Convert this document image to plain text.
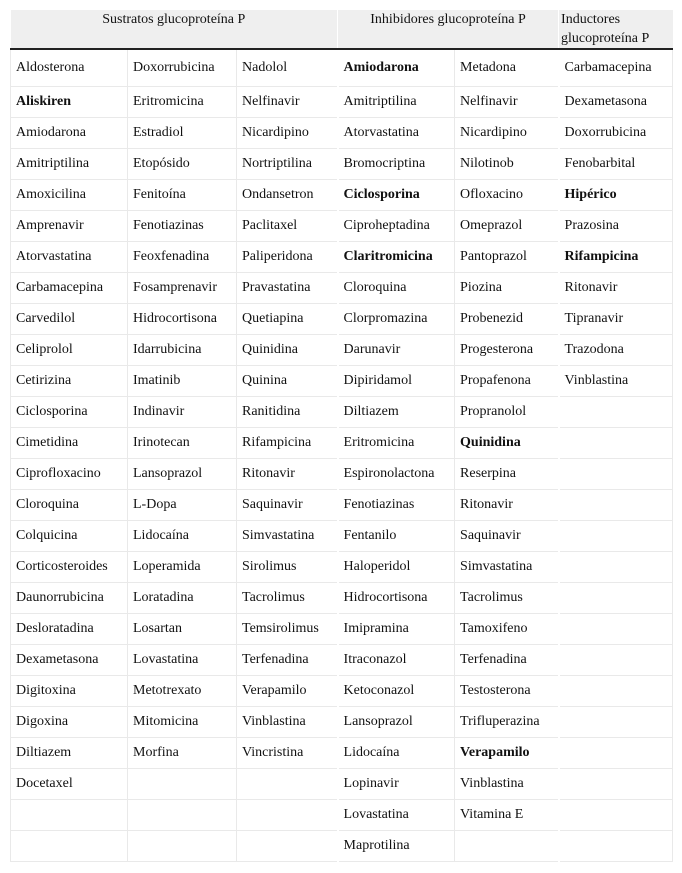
Sustratos glucoproteína P			Inhibidores glucoproteína P		Inductores
glucoproteína P
Aldosterona	Doxorrubicina	Nadolol	Amiodarona	Metadona	Carbamacepina
Aliskiren	Eritromicina	Nelfinavir	Amitriptilina	Nelfinavir	Dexametasona
Amiodarona	Estradiol	Nicardipino	Atorvastatina	Nicardipino	Doxorrubicina
Amitriptilina	Etopósido	Nortriptilina	Bromocriptina	Nilotinob	Fenobarbital
Amoxicilina	Fenitoína	Ondansetron	Ciclosporina	Ofloxacino	Hipérico
Amprenavir	Fenotiazinas	Paclitaxel	Ciproheptadina	Omeprazol	Prazosina
Atorvastatina	Feoxfenadina	Paliperidona	Claritromicina	Pantoprazol	Rifampicina
Carbamacepina	Fosamprenavir	Pravastatina	Cloroquina	Piozina	Ritonavir
Carvedilol	Hidrocortisona	Quetiapina	Clorpromazina	Probenezid	Tipranavir
Celiprolol	Idarrubicina	Quinidina	Darunavir	Progesterona	Trazodona
Cetirizina	Imatinib	Quinina	Dipiridamol	Propafenona	Vinblastina
Ciclosporina	Indinavir	Ranitidina	Diltiazem	Propranolol	
Cimetidina	Irinotecan	Rifampicina	Eritromicina	Quinidina	
Ciprofloxacino	Lansoprazol	Ritonavir	Espironolactona	Reserpina	
Cloroquina	L-Dopa	Saquinavir	Fenotiazinas	Ritonavir	
Colquicina	Lidocaína	Simvastatina	Fentanilo	Saquinavir	
Corticosteroides	Loperamida	Sirolimus	Haloperidol	Simvastatina	
Daunorrubicina	Loratadina	Tacrolimus	Hidrocortisona	Tacrolimus	
Desloratadina	Losartan	Temsirolimus	Imipramina	Tamoxifeno	
Dexametasona	Lovastatina	Terfenadina	Itraconazol	Terfenadina	
Digitoxina	Metotrexato	Verapamilo	Ketoconazol	Testosterona	
Digoxina	Mitomicina	Vinblastina	Lansoprazol	Trifluperazina	
Diltiazem	Morfina	Vincristina	Lidocaína	Verapamilo	
Docetaxel			Lopinavir	Vinblastina	
			Lovastatina	Vitamina E	
			Maprotilina		
